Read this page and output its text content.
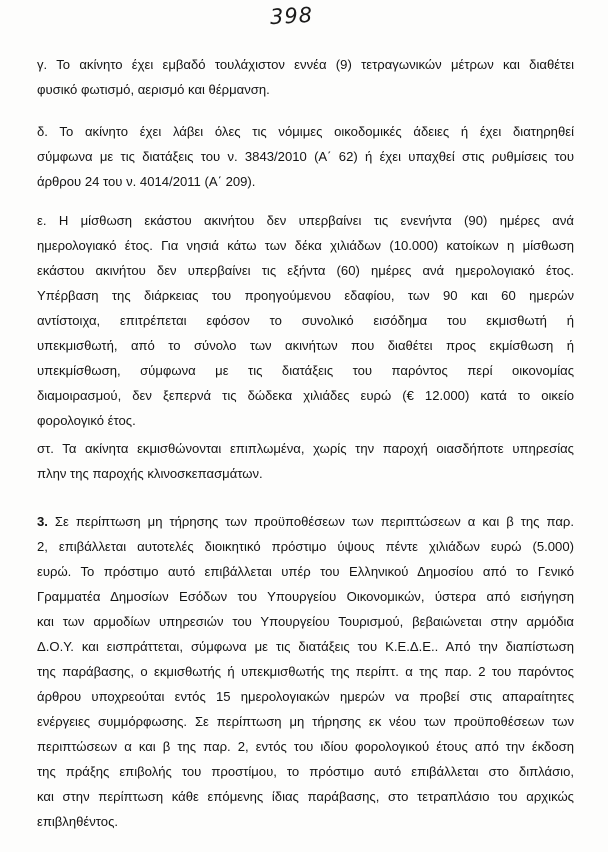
398
γ. Το ακίνητο έχει εμβαδό τουλάχιστον εννέα (9) τετραγωνικών μέτρων και διαθέτει
φυσικό φωτισμό, αερισμό και θέρμανση.
δ. Το ακίνητο έχει λάβει όλες τις νόμιμες οικοδομικές άδειες ή έχει διατηρηθεί
σύμφωνα με τις διατάξεις του ν. 3843/2010 (Α΄ 62) ή έχει υπαχθεί στις ρυθμίσεις του
άρθρου 24 του ν. 4014/2011 (Α΄ 209).
ε. Η μίσθωση εκάστου ακινήτου δεν υπερβαίνει τις ενενήντα (90) ημέρες ανά
ημερολογιακό έτος. Για νησιά κάτω των δέκα χιλιάδων (10.000) κατοίκων η μίσθωση
εκάστου ακινήτου δεν υπερβαίνει τις εξήντα (60) ημέρες ανά ημερολογιακό έτος.
Υπέρβαση της διάρκειας του προηγούμενου εδαφίου, των 90 και 60 ημερών
αντίστοιχα, επιτρέπεται εφόσον το συνολικό εισόδημα του εκμισθωτή ή
υπεκμισθωτή, από το σύνολο των ακινήτων που διαθέτει προς εκμίσθωση ή
υπεκμίσθωση, σύμφωνα με τις διατάξεις του παρόντος περί οικονομίας
διαμοιρασμού, δεν ξεπερνά τις δώδεκα χιλιάδες ευρώ (€ 12.000) κατά το οικείο
φορολογικό έτος.
στ. Τα ακίνητα εκμισθώνονται επιπλωμένα, χωρίς την παροχή οιασδήποτε υπηρεσίας
πλην της παροχής κλινοσκεπασμάτων.
3. Σε περίπτωση μη τήρησης των προϋποθέσεων των περιπτώσεων α και β της παρ.
2, επιβάλλεται αυτοτελές διοικητικό πρόστιμο ύψους πέντε χιλιάδων ευρώ (5.000)
ευρώ. Το πρόστιμο αυτό επιβάλλεται υπέρ του Ελληνικού Δημοσίου από το Γενικό
Γραμματέα Δημοσίων Εσόδων του Υπουργείου Οικονομικών, ύστερα από εισήγηση
και των αρμοδίων υπηρεσιών του Υπουργείου Τουρισμού, βεβαιώνεται στην αρμόδια
Δ.Ο.Υ. και εισπράττεται, σύμφωνα με τις διατάξεις του Κ.Ε.Δ.Ε.. Από την διαπίστωση
της παράβασης, ο εκμισθωτής ή υπεκμισθωτής της περίπτ. α της παρ. 2 του παρόντος
άρθρου υποχρεούται εντός 15 ημερολογιακών ημερών να προβεί στις απαραίτητες
ενέργειες συμμόρφωσης. Σε περίπτωση μη τήρησης εκ νέου των προϋποθέσεων των
περιπτώσεων α και β της παρ. 2, εντός του ιδίου φορολογικού έτους από την έκδοση
της πράξης επιβολής του προστίμου, το πρόστιμο αυτό επιβάλλεται στο διπλάσιο,
και στην περίπτωση κάθε επόμενης ίδιας παράβασης, στο τετραπλάσιο του αρχικώς
επιβληθέντος.
